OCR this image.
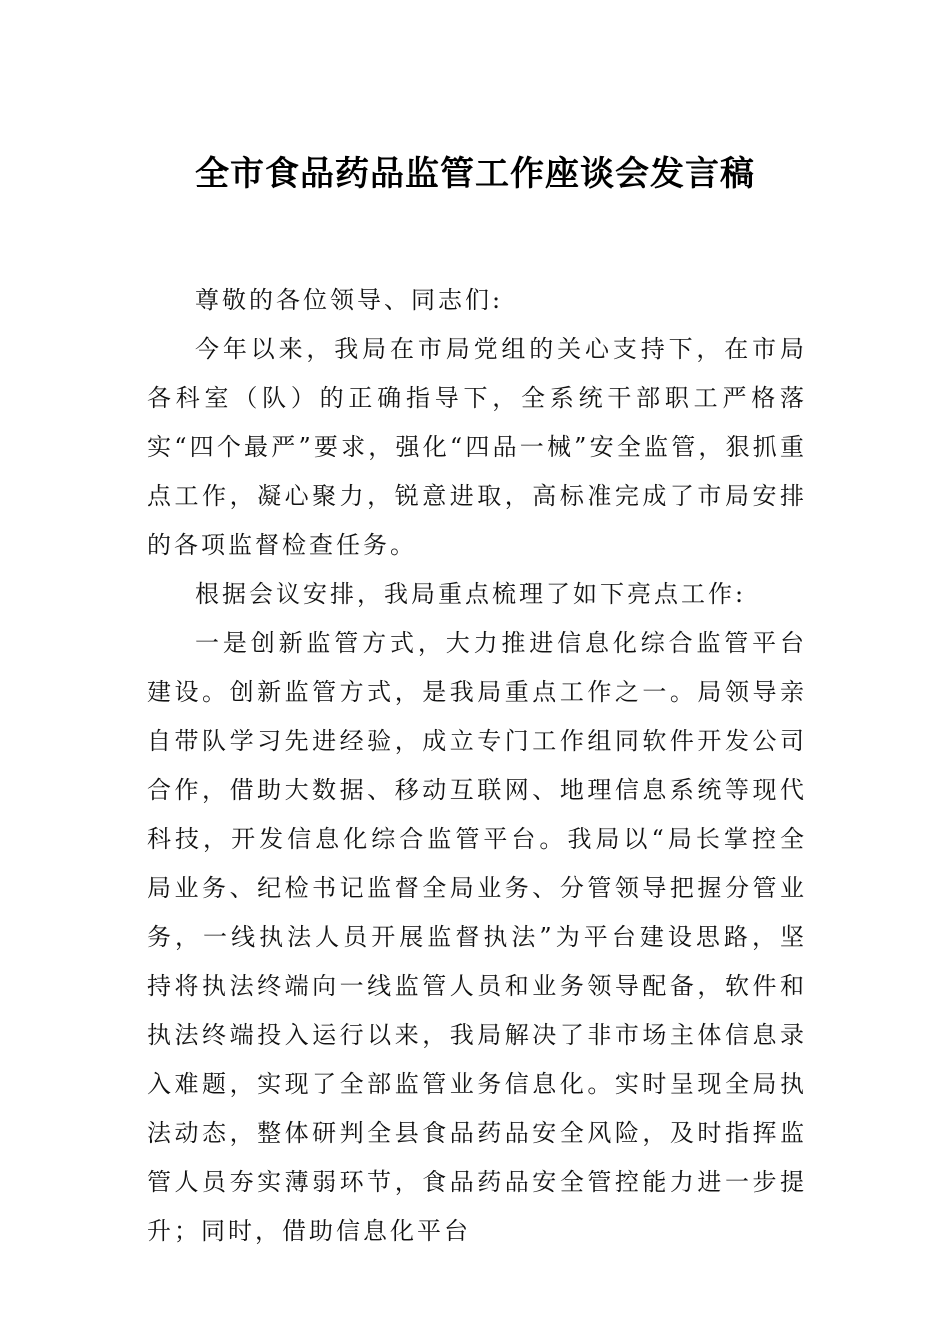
全市食品药品监管工作座谈会发言稿

尊敬的各位领导、同志们:

今年以来，我局在市局党组的关心支持下，在市局各科室（队）的正确指导下，全系统干部职工严格落实“四个最严”要求，强化“四品一械”安全监管，狠抓重点工作，凝心聚力，锐意进取，高标准完成了市局安排的各项监督检查任务。

根据会议安排，我局重点梳理了如下亮点工作:

一是创新监管方式，大力推进信息化综合监管平台建设。创新监管方式，是我局重点工作之一。局领导亲自带队学习先进经验，成立专门工作组同软件开发公司合作，借助大数据、移动互联网、地理信息系统等现代科技，开发信息化综合监管平台。我局以“局长掌控全局业务、纪检书记监督全局业务、分管领导把握分管业务，一线执法人员开展监督执法”为平台建设思路，坚持将执法终端向一线监管人员和业务领导配备，软件和执法终端投入运行以来，我局解决了非市场主体信息录入难题，实现了全部监管业务信息化。实时呈现全局执法动态，整体研判全县食品药品安全风险，及时指挥监管人员夯实薄弱环节，食品药品安全管控能力进一步提升；同时，借助信息化平台
